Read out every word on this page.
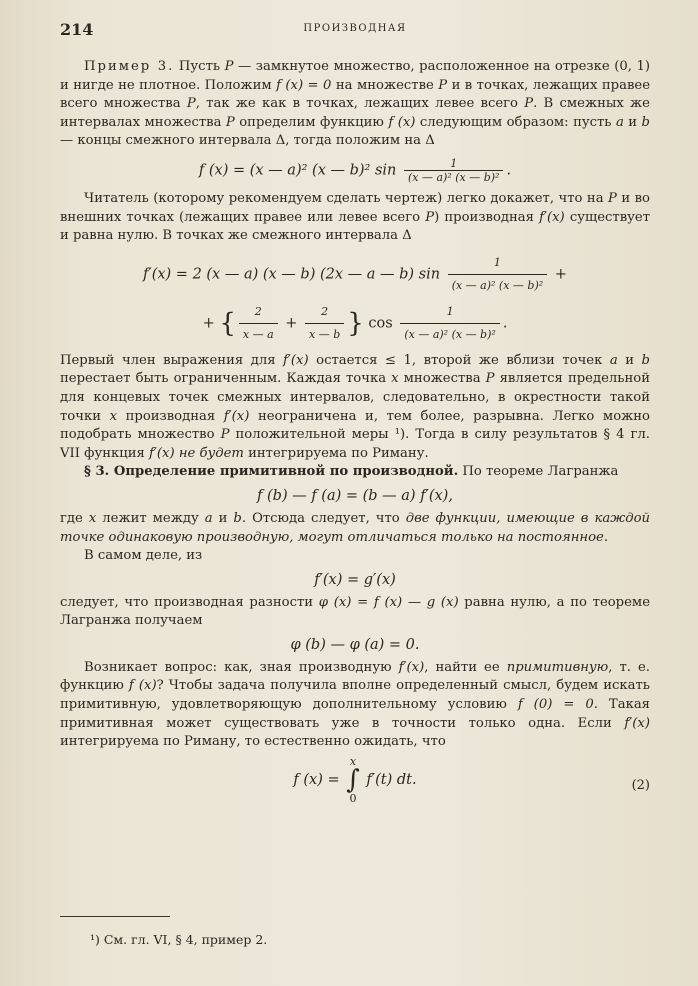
214	ПРОИЗВОДНАЯ

Пример 3. Пусть P — замкнутое множество, расположенное на отрезке (0, 1) и нигде не плотное. Положим f (x) = 0 на множестве P и в точках, лежащих правее всего множества P, так же как в точках, лежащих левее всего P. В смежных же интервалах множества P определим функцию f (x) следующим образом: пусть a и b — концы смежного интервала Δ, тогда положим на Δ

f (x) = (x — a)² (x — b)² $\sin \frac{1}{\text{(x — a)² (x — b)²}}$ .

Читатель (которому рекомендуем сделать чертеж) легко докажет, что на P и во внешних точках (лежащих правее или левее всего P) производная f′(x) существует и равна нулю. В точках же смежного интервала Δ

f′(x) = 2 (x — a) (x — b) (2x — a — b) $\sin \frac{1}{\text{(x — a)² (x — b)²}}$ +
+ { $\frac{2}{x — a} + \frac{2}{x — b}$ } $\cos \frac{1}{\text{(x — a)² (x — b)²}}$ .

Первый член выражения для f′(x) остается ≤ 1, второй же вблизи точек a и b перестает быть ограниченным. Каждая точка x множества P является предельной для концевых точек смежных интервалов, следовательно, в окрестности такой точки x производная f′(x) неограничена и, тем более, разрывна. Легко можно подобрать множество P положительной меры ¹). Тогда в силу результатов § 4 гл. VII функция f′(x) не будет интегрируема по Риману.

§ 3. Определение примитивной по производной. По теореме Лагранжа

f (b) — f (a) = (b — a) f′(x),

где x лежит между a и b. Отсюда следует, что две функции, имеющие в каждой точке одинаковую производную, могут отличаться только на постоянное.

В самом деле, из

f′(x) = g′(x)

следует, что производная разности φ (x) = f (x) — g (x) равна нулю, а по теореме Лагранжа получаем

φ (b) — φ (a) = 0.

Возникает вопрос: как, зная производную f′(x), найти ее примитивную, т. е. функцию f (x)? Чтобы задача получила вполне определенный смысл, будем искать примитивную, удовлетворяющую дополнительному условию f (0) = 0. Такая примитивная может существовать уже в точности только одна. Если f′(x) интегрируема по Риману, то естественно ожидать, что

f (x) = x
∫
0 f′(t) dt.	(2)
¹) См. гл. VI, § 4, пример 2.
